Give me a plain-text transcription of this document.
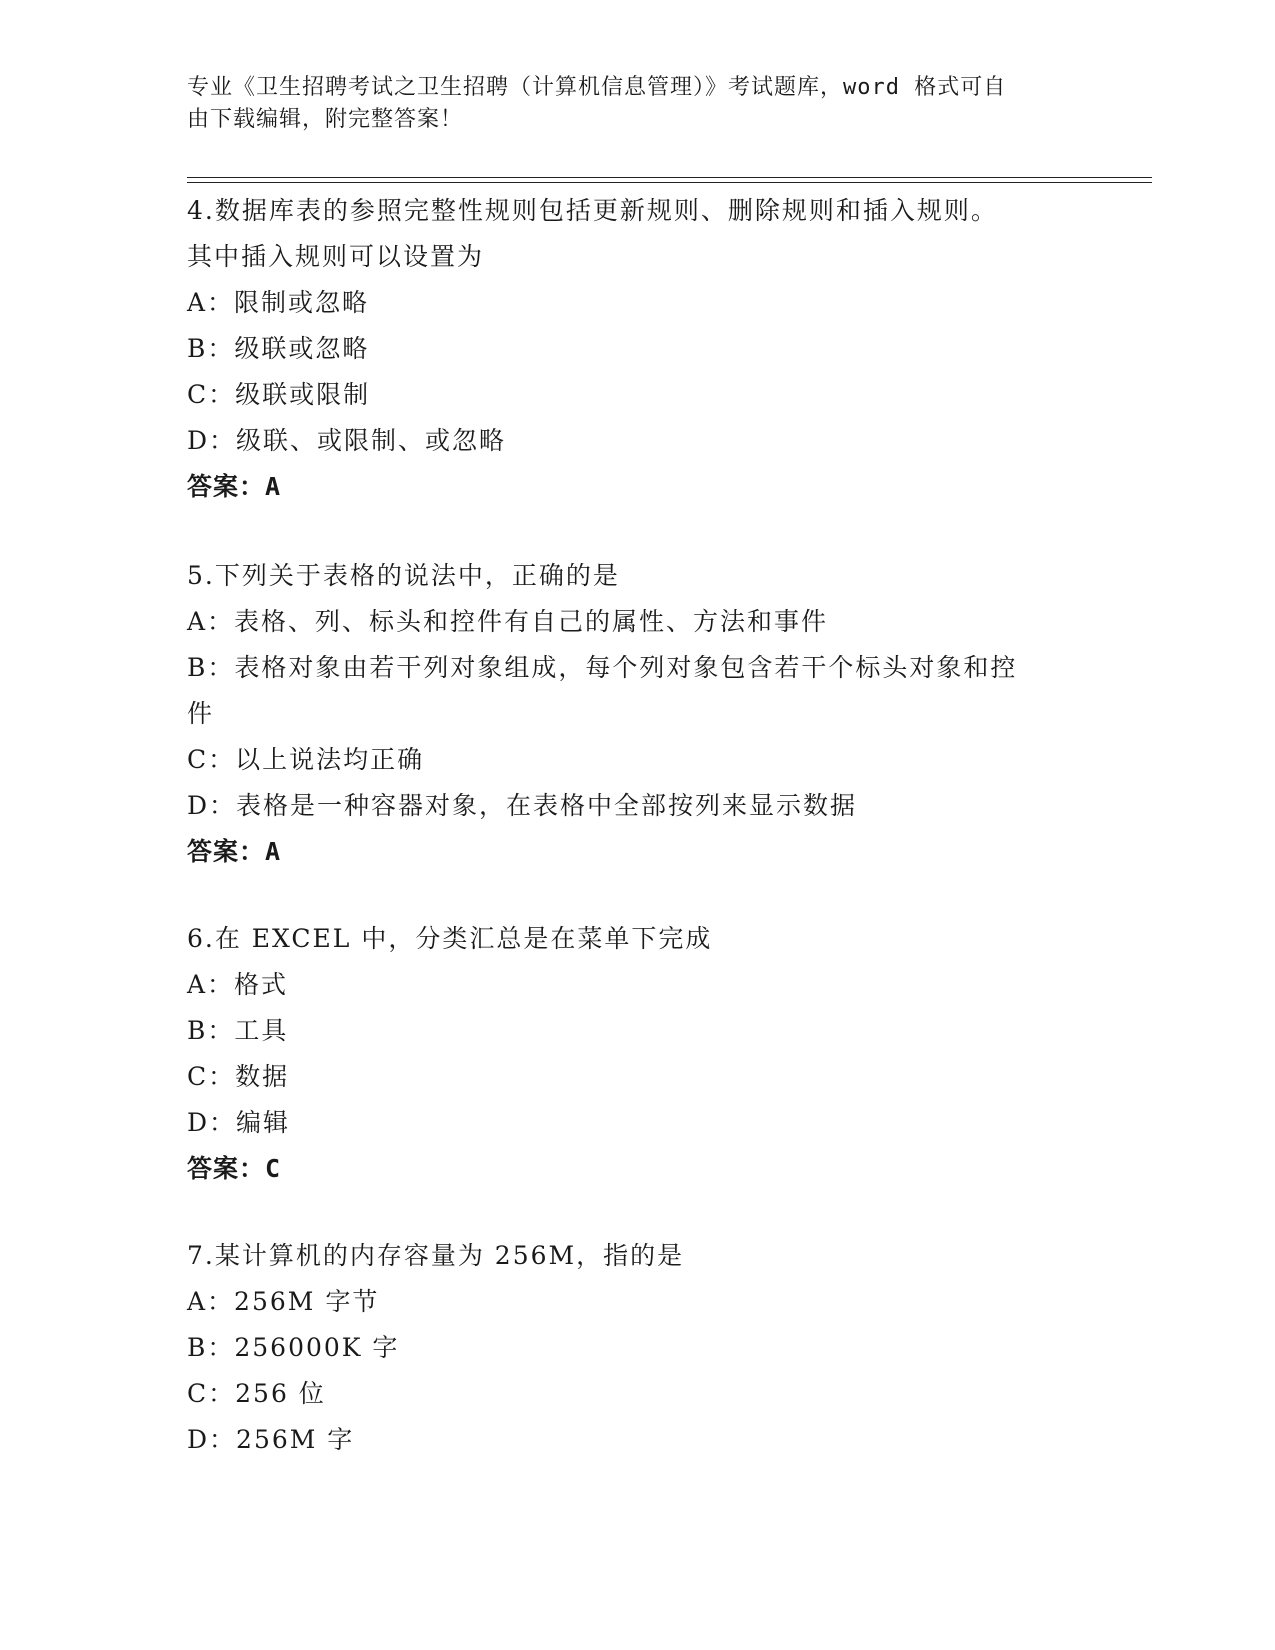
专业《卫生招聘考试之卫生招聘（计算机信息管理）》考试题库，word 格式可自
由下载编辑，附完整答案！
4.数据库表的参照完整性规则包括更新规则、删除规则和插入规则。
其中插入规则可以设置为
A：限制或忽略
B：级联或忽略
C：级联或限制
D：级联、或限制、或忽略
答案：A
5.下列关于表格的说法中，正确的是
A：表格、列、标头和控件有自己的属性、方法和事件
B：表格对象由若干列对象组成，每个列对象包含若干个标头对象和控
件
C：以上说法均正确
D：表格是一种容器对象，在表格中全部按列来显示数据
答案：A
6.在 EXCEL 中，分类汇总是在菜单下完成
A：格式
B：工具
C：数据
D：编辑
答案：C
7.某计算机的内存容量为 256M，指的是
A：256M 字节
B：256000K 字
C：256 位
D：256M 字
